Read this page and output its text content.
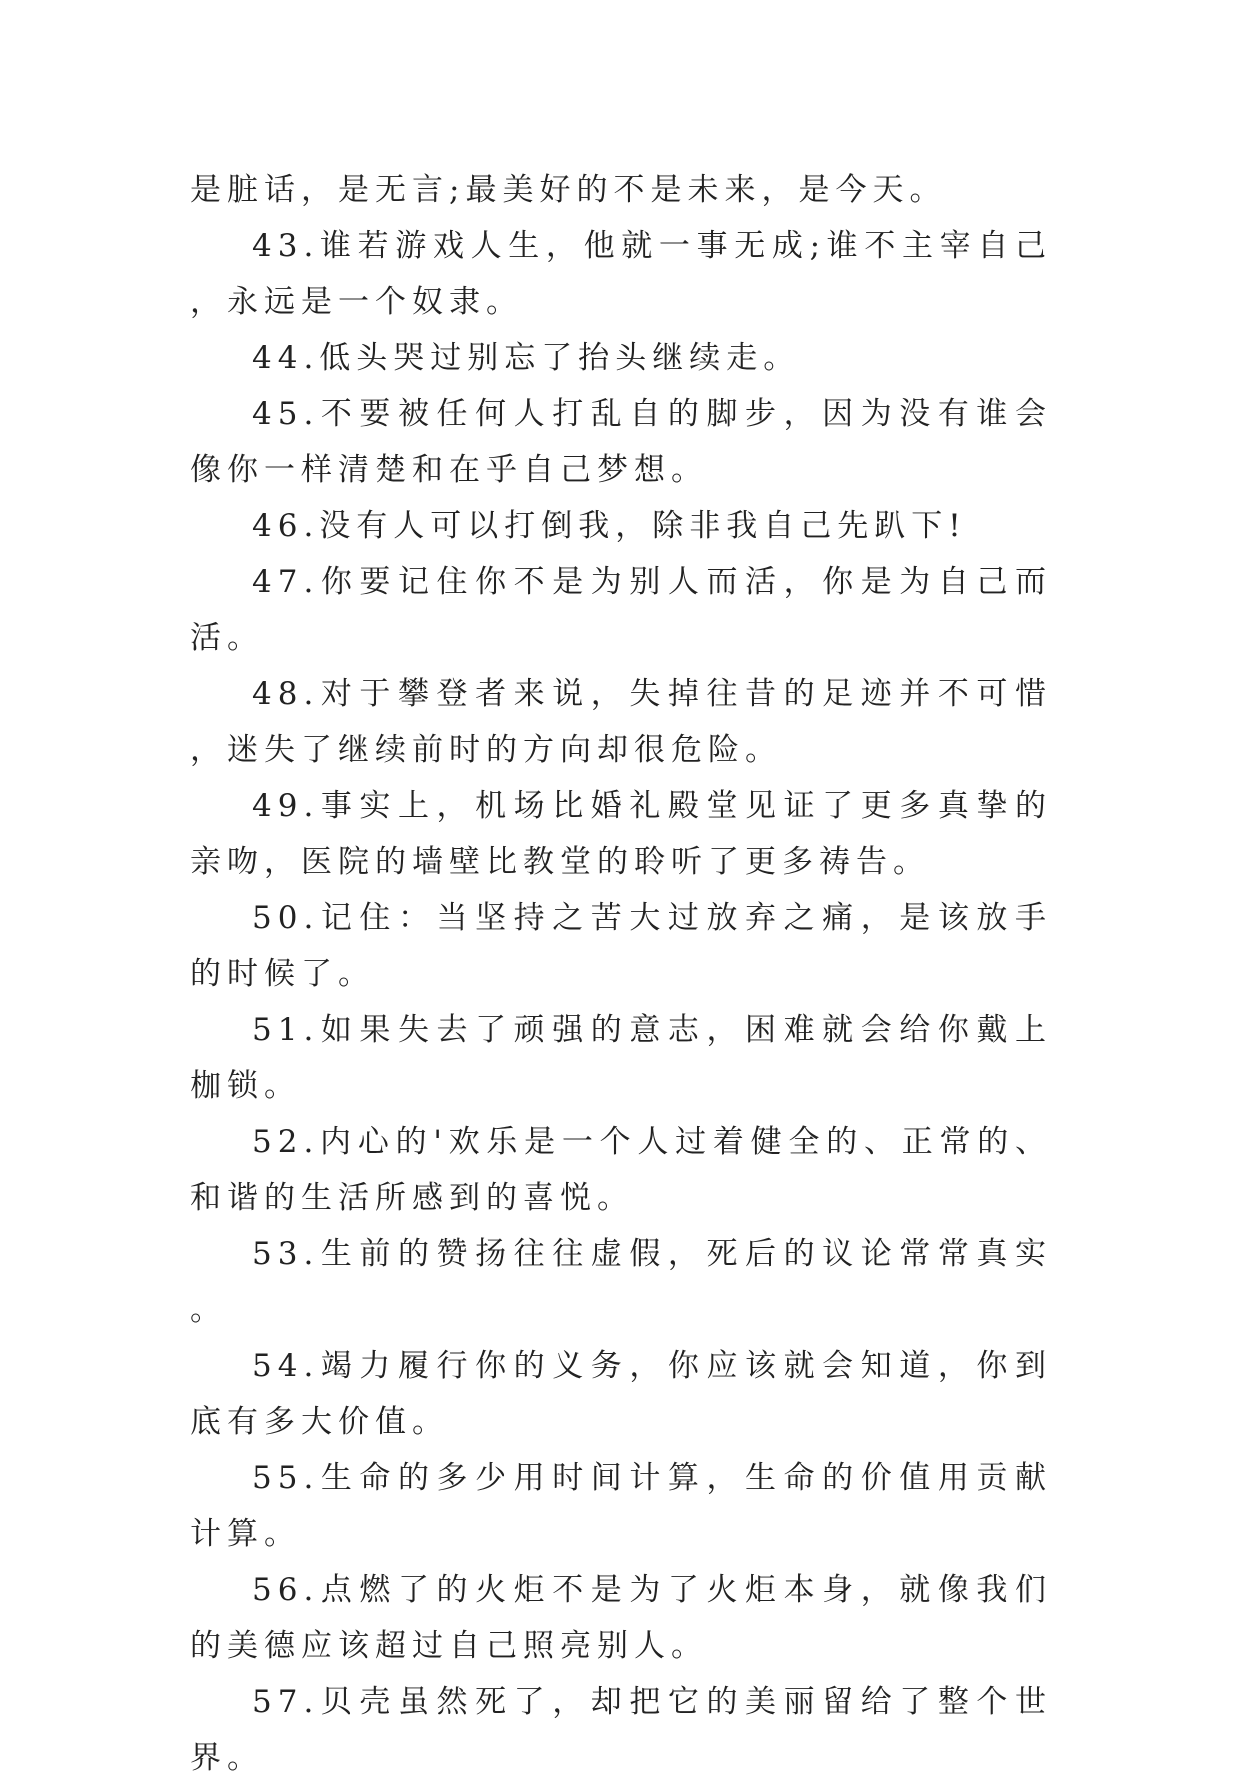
是脏话，是无言;最美好的不是未来，是今天。

43.谁若游戏人生，他就一事无成;谁不主宰自己，永远是一个奴隶。

44.低头哭过别忘了抬头继续走。

45.不要被任何人打乱自的脚步，因为没有谁会像你一样清楚和在乎自己梦想。

46.没有人可以打倒我，除非我自己先趴下!

47.你要记住你不是为别人而活，你是为自己而活。

48.对于攀登者来说，失掉往昔的足迹并不可惜，迷失了继续前时的方向却很危险。

49.事实上，机场比婚礼殿堂见证了更多真挚的亲吻，医院的墙壁比教堂的聆听了更多祷告。

50.记住：当坚持之苦大过放弃之痛，是该放手的时候了。

51.如果失去了顽强的意志，困难就会给你戴上枷锁。

52.内心的'欢乐是一个人过着健全的、正常的、和谐的生活所感到的喜悦。

53.生前的赞扬往往虚假，死后的议论常常真实。

54.竭力履行你的义务，你应该就会知道，你到底有多大价值。

55.生命的多少用时间计算，生命的价值用贡献计算。

56.点燃了的火炬不是为了火炬本身，就像我们的美德应该超过自己照亮别人。

57.贝壳虽然死了，却把它的美丽留给了整个世界。
